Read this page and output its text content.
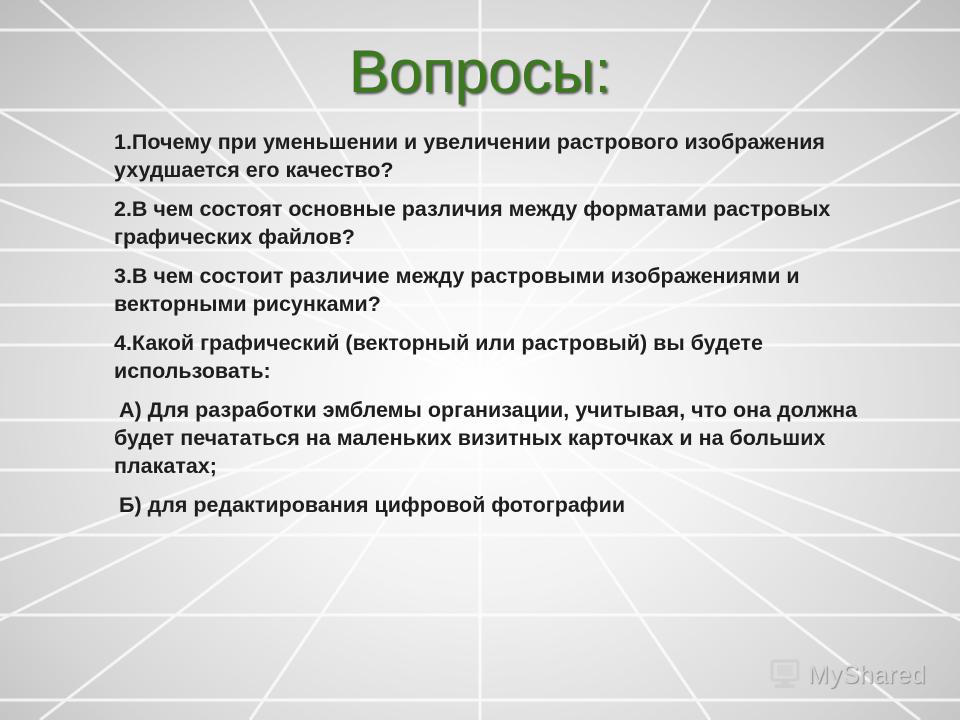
Вопросы:

1.Почему при уменьшении и увеличении растрового изображения ухудшается его качество?

2.В чем состоят основные различия между форматами растровых графических файлов?

3.В чем состоит различие между растровыми изображениями и векторными рисунками?

4.Какой графический (векторный или растровый) вы будете использовать:

А) Для разработки эмблемы организации, учитывая, что она должна будет печататься на маленьких визитных карточках и на больших плакатах;

Б) для редактирования цифровой фотографии

MyShared
